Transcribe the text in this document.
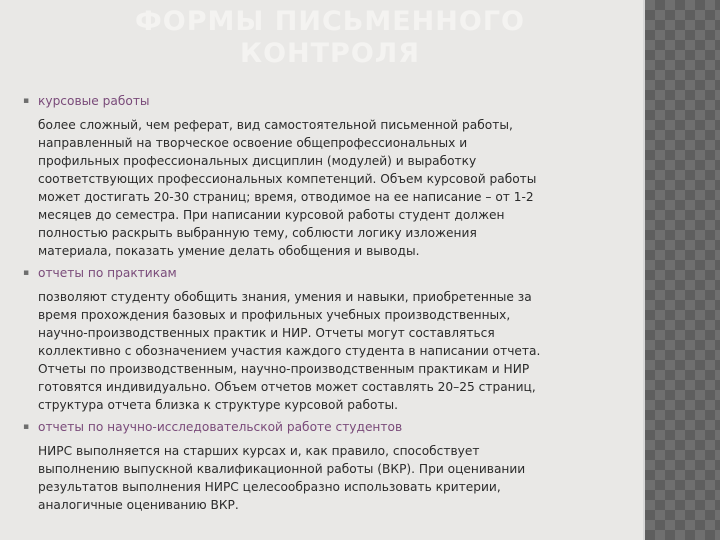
ФОРМЫ ПИСЬМЕННОГО
КОНТРОЛЯ
▪ курсовые работы
более сложный, чем реферат, вид самостоятельной письменной работы,
направленный на творческое освоение общепрофессиональных и
профильных профессиональных дисциплин (модулей) и выработку
соответствующих профессиональных компетенций. Объем курсовой работы
может достигать 20-30 страниц; время, отводимое на ее написание – от 1-2
месяцев до семестра. При написании курсовой работы студент должен
полностью раскрыть выбранную тему, соблюсти логику изложения
материала, показать умение делать обобщения и выводы.
▪ отчеты по практикам
позволяют студенту обобщить знания, умения и навыки, приобретенные за
время прохождения базовых и профильных учебных производственных,
научно-производственных практик и НИР. Отчеты могут составляться
коллективно с обозначением участия каждого студента в написании отчета.
Отчеты по производственным, научно-производственным практикам и НИР
готовятся индивидуально. Объем отчетов может составлять 20–25 страниц,
структура отчета близка к структуре курсовой работы.
▪ отчеты по научно-исследовательской работе студентов
НИРС выполняется на старших курсах и, как правило, способствует
выполнению выпускной квалификационной работы (ВКР). При оценивании
результатов выполнения НИРС целесообразно использовать критерии,
аналогичные оцениванию ВКР.
